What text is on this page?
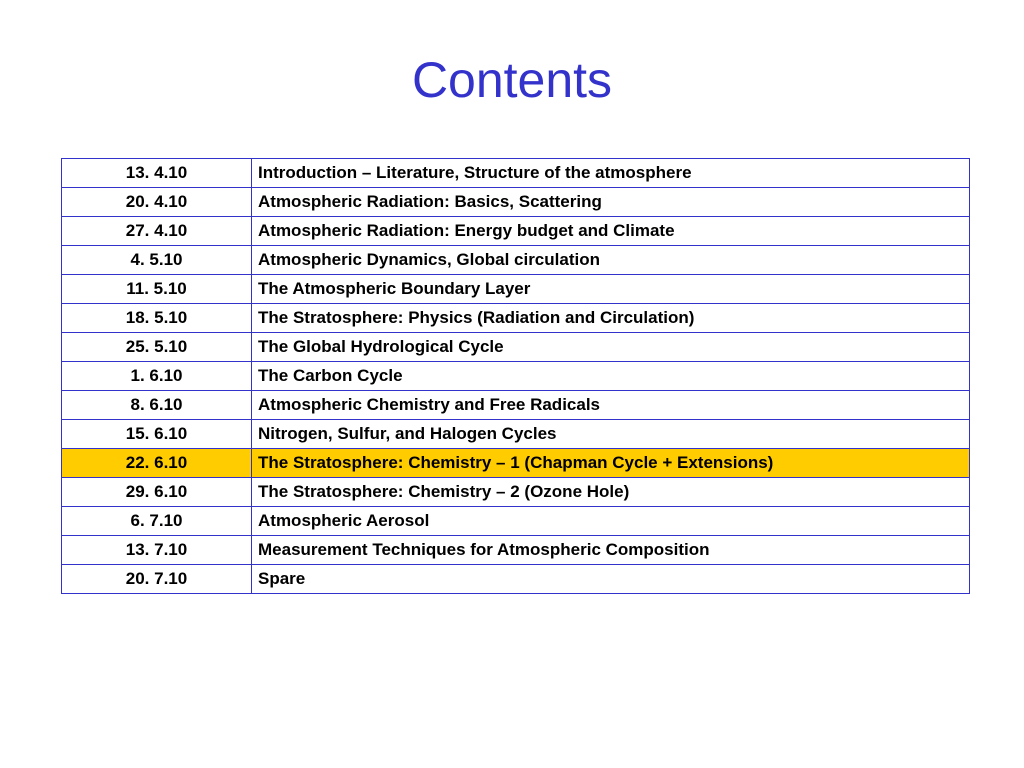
Contents
13. 4.10	Introduction – Literature, Structure of the atmosphere
20. 4.10	Atmospheric Radiation: Basics, Scattering
27. 4.10	Atmospheric Radiation: Energy budget and Climate
4. 5.10	Atmospheric Dynamics, Global circulation
11. 5.10	The Atmospheric Boundary Layer
18. 5.10	The Stratosphere: Physics (Radiation and Circulation)
25. 5.10	The Global Hydrological Cycle
1. 6.10	The Carbon Cycle
8. 6.10	Atmospheric Chemistry and Free Radicals
15. 6.10	Nitrogen, Sulfur, and Halogen Cycles
22. 6.10	The Stratosphere: Chemistry – 1 (Chapman Cycle + Extensions)
29. 6.10	The Stratosphere: Chemistry – 2 (Ozone Hole)
6. 7.10	Atmospheric Aerosol
13. 7.10	Measurement Techniques for Atmospheric Composition
20. 7.10	Spare
